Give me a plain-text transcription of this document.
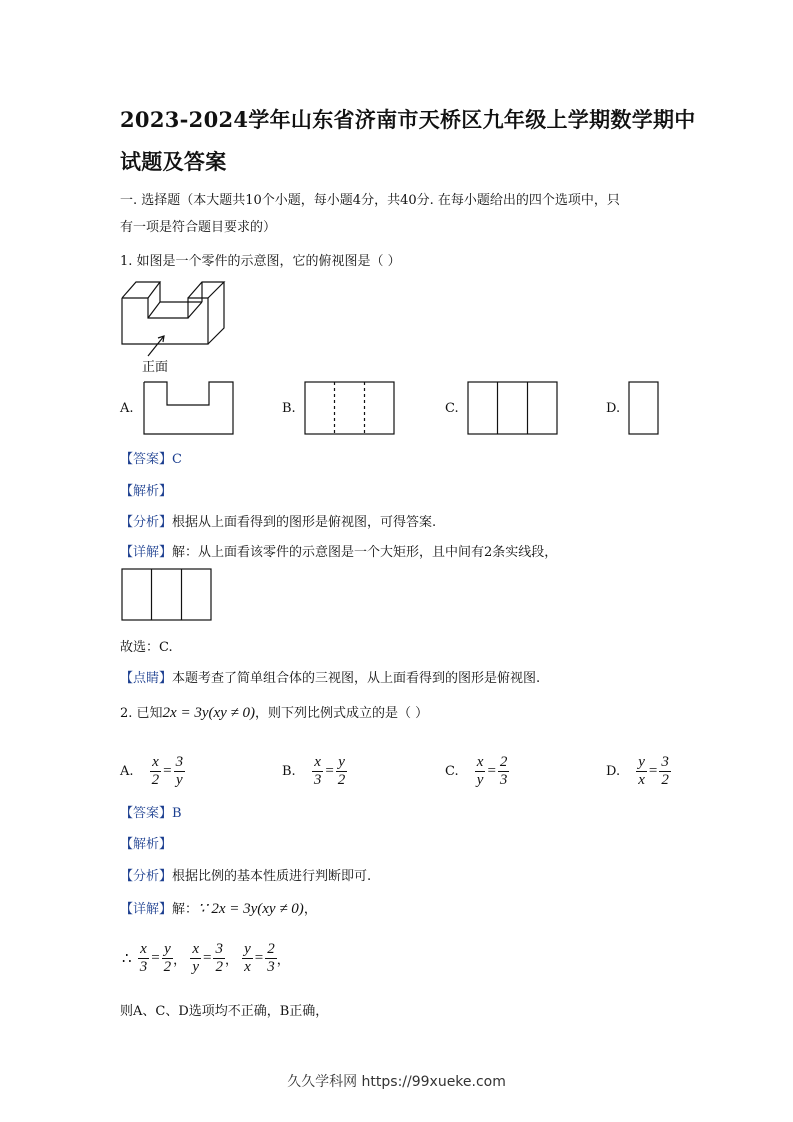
2023-2024学年山东省济南市天桥区九年级上学期数学期中
试题及答案
一. 选择题（本大题共10个小题，每小题4分，共40分. 在每小题给出的四个选项中，只
有一项是符合题目要求的）
1. 如图是一个零件的示意图，它的俯视图是（ ）
正面
A.	B.	C.	D.
【答案】C
【解析】
【分析】根据从上面看得到的图形是俯视图，可得答案.
【详解】解：从上面看该零件的示意图是一个大矩形，且中间有2条实线段，
故选：C.
【点睛】本题考查了简单组合体的三视图，从上面看得到的图形是俯视图.
2. 已知2x = 3y(xy ≠ 0)，则下列比例式成立的是（ ）
A. $\frac{x}{2} = \frac{3}{y}$	B. $\frac{x}{3} = \frac{y}{2}$	C. $\frac{x}{y} = \frac{2}{3}$	D. $\frac{y}{x} = \frac{3}{2}$
【答案】B
【解析】
【分析】根据比例的基本性质进行判断即可.
【详解】解：∵ 2x = 3y(xy ≠ 0)，
∴ $\frac{x}{3} = \frac{y}{2}$ ， $\frac{x}{y} = \frac{3}{2}$ ， $\frac{y}{x} = \frac{2}{3}$ ，
则A、C、D选项均不正确，B正确，
久久学科网 https://99xueke.com
